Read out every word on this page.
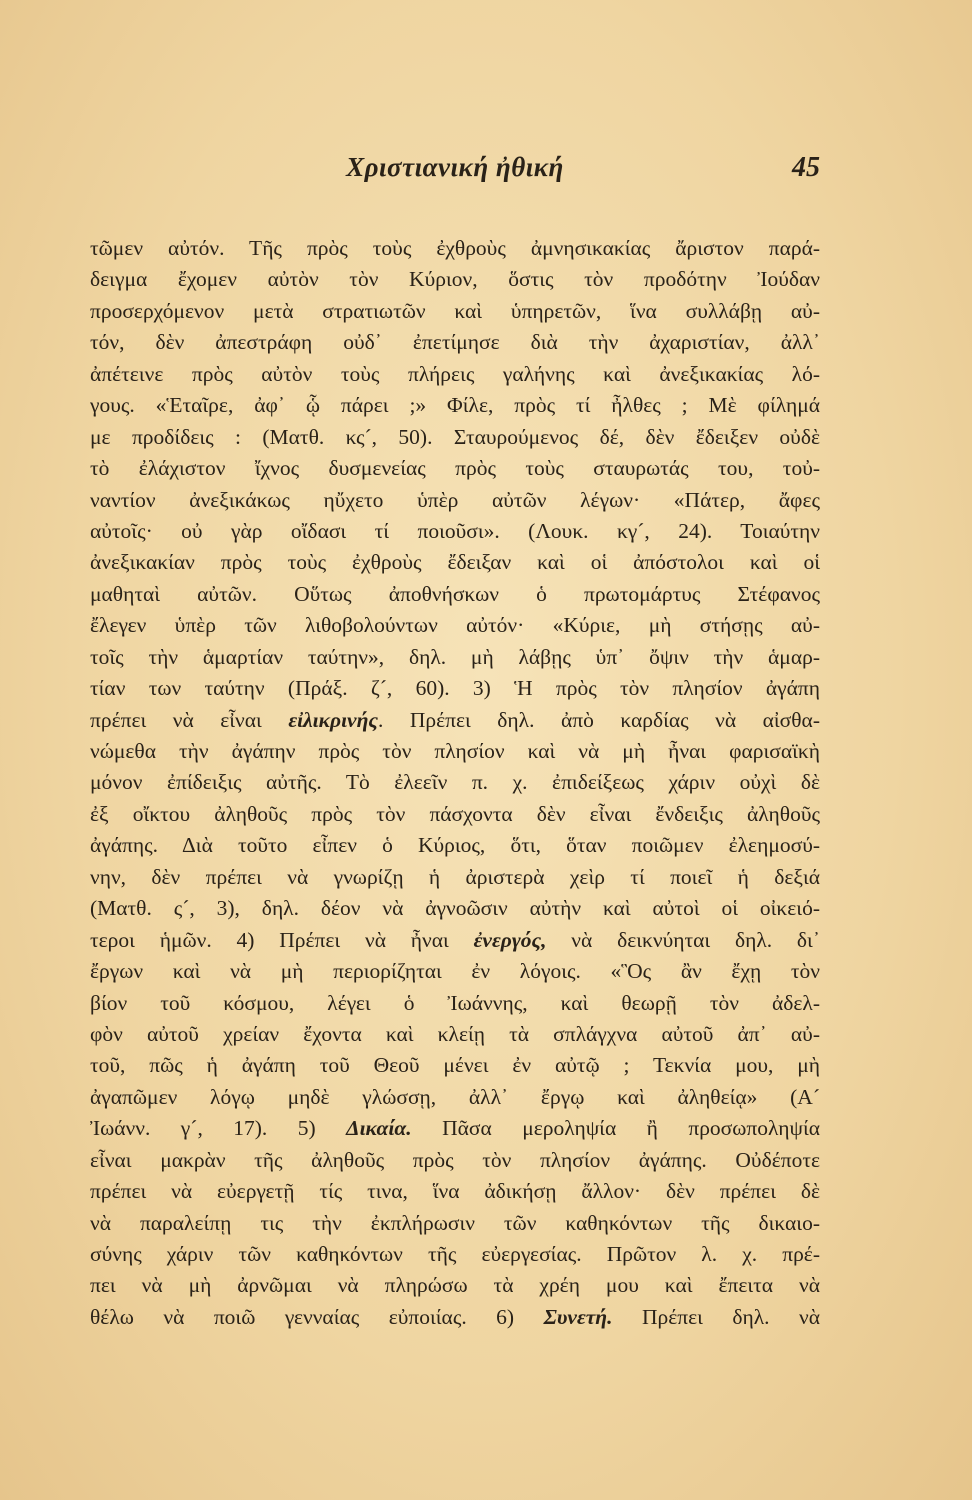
Χριστιανική ἠθική	45
τῶμεν αὐτόν. Τῆς πρὸς τοὺς ἐχθροὺς ἀμνησικακίας ἄριστον παρά-
δειγμα ἔχομεν αὐτὸν τὸν Κύριον, ὅστις τὸν προδότην Ἰούδαν
προσερχόμενον μετὰ στρατιωτῶν καὶ ὑπηρετῶν, ἵνα συλλάβῃ αὐ-
τόν, δὲν ἀπεστράφη οὐδ᾽ ἐπετίμησε διὰ τὴν ἀχαριστίαν, ἀλλ᾽
ἀπέτεινε πρὸς αὐτὸν τοὺς πλήρεις γαλήνης καὶ ἀνεξικακίας λό-
γους. «Ἑταῖρε, ἀφ᾽ ᾧ πάρει ;» Φίλε, πρὸς τί ἦλθες ; Μὲ φίλημά
με προδίδεις : (Ματθ. κς´, 50). Σταυρούμενος δέ, δὲν ἔδειξεν οὐδὲ
τὸ ἐλάχιστον ἴχνος δυσμενείας πρὸς τοὺς σταυρωτάς του, τοὐ-
ναντίον ἀνεξικάκως ηὔχετο ὑπὲρ αὐτῶν λέγων· «Πάτερ, ἄφες
αὐτοῖς· οὐ γὰρ οἴδασι τί ποιοῦσι». (Λουκ. κγ´, 24). Τοιαύτην
ἀνεξικακίαν πρὸς τοὺς ἐχθροὺς ἔδειξαν καὶ οἱ ἀπόστολοι καὶ οἱ
μαθηταὶ αὐτῶν. Οὕτως ἀποθνήσκων ὁ πρωτομάρτυς Στέφανος
ἔλεγεν ὑπὲρ τῶν λιθοβολούντων αὐτόν· «Κύριε, μὴ στήσῃς αὐ-
τοῖς τὴν ἁμαρτίαν ταύτην», δηλ. μὴ λάβῃς ὑπ᾽ ὄψιν τὴν ἁμαρ-
τίαν των ταύτην (Πράξ. ζ´, 60). 3) Ἡ πρὸς τὸν πλησίον ἀγάπη
πρέπει νὰ εἶναι εἰλικρινής. Πρέπει δηλ. ἀπὸ καρδίας νὰ αἰσθα-
νώμεθα τὴν ἀγάπην πρὸς τὸν πλησίον καὶ νὰ μὴ ἦναι φαρισαϊκὴ
μόνον ἐπίδειξις αὐτῆς. Τὸ ἐλεεῖν π. χ. ἐπιδείξεως χάριν οὐχὶ δὲ
ἐξ οἴκτου ἀληθοῦς πρὸς τὸν πάσχοντα δὲν εἶναι ἔνδειξις ἀληθοῦς
ἀγάπης. Διὰ τοῦτο εἶπεν ὁ Κύριος, ὅτι, ὅταν ποιῶμεν ἐλεημοσύ-
νην, δὲν πρέπει νὰ γνωρίζῃ ἡ ἀριστερὰ χεὶρ τί ποιεῖ ἡ δεξιά
(Ματθ. ς´, 3), δηλ. δέον νὰ ἀγνοῶσιν αὐτὴν καὶ αὐτοὶ οἱ οἰκειό-
τεροι ἡμῶν. 4) Πρέπει νὰ ἦναι ἐνεργός, νὰ δεικνύηται δηλ. δι᾽
ἔργων καὶ νὰ μὴ περιορίζηται ἐν λόγοις. «Ὃς ἂν ἔχῃ τὸν
βίον τοῦ κόσμου, λέγει ὁ Ἰωάννης, καὶ θεωρῇ τὸν ἀδελ-
φὸν αὐτοῦ χρείαν ἔχοντα καὶ κλείῃ τὰ σπλάγχνα αὐτοῦ ἀπ᾽ αὐ-
τοῦ, πῶς ἡ ἀγάπη τοῦ Θεοῦ μένει ἐν αὐτῷ ; Τεκνία μου, μὴ
ἀγαπῶμεν λόγῳ μηδὲ γλώσσῃ, ἀλλ᾽ ἔργῳ καὶ ἀληθείᾳ» (Α´
Ἰωάνν. γ´, 17). 5) Δικαία. Πᾶσα μεροληψία ἢ προσωποληψία
εἶναι μακρὰν τῆς ἀληθοῦς πρὸς τὸν πλησίον ἀγάπης. Οὐδέποτε
πρέπει νὰ εὐεργετῇ τίς τινα, ἵνα ἀδικήσῃ ἄλλον· δὲν πρέπει δὲ
νὰ παραλείπῃ τις τὴν ἐκπλήρωσιν τῶν καθηκόντων τῆς δικαιο-
σύνης χάριν τῶν καθηκόντων τῆς εὐεργεσίας. Πρῶτον λ. χ. πρέ-
πει νὰ μὴ ἀρνῶμαι νὰ πληρώσω τὰ χρέη μου καὶ ἔπειτα νὰ
θέλω νὰ ποιῶ γενναίας εὐποιίας. 6) Συνετή. Πρέπει δηλ. νὰ
